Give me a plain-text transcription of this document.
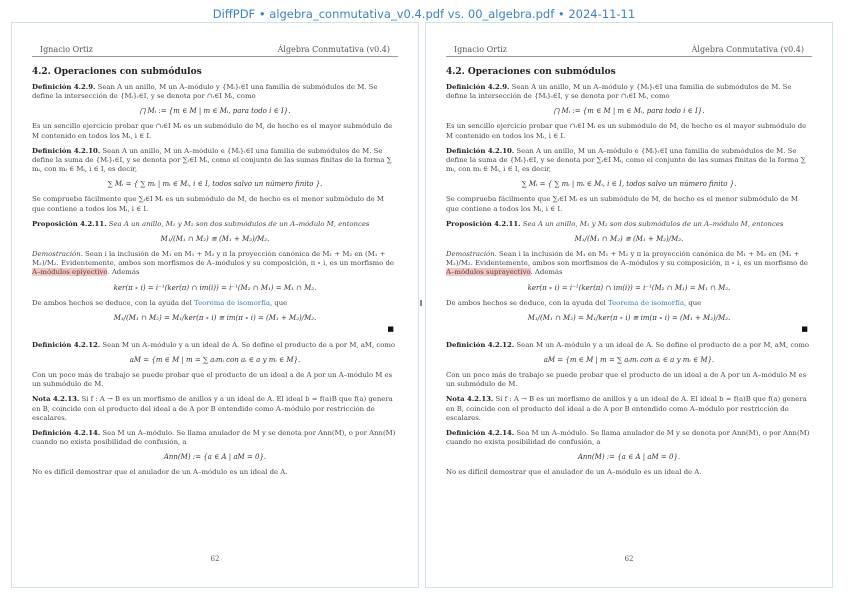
DiffPDF • algebra_conmutativa_v0.4.pdf vs. 00_algebra.pdf • 2024-11-11
Ignacio Ortiz	Álgebra Conmutativa (v0.4)
4.2. Operaciones con submódulos
Definición 4.2.9. Sean A un anillo, M un A–módulo y {Mᵢ}ᵢ∈I una familia de submódulos de M. Se define la intersección de {Mᵢ}ᵢ∈I, y se denota por ∩ᵢ∈I Mᵢ, como
⋂ Mᵢ := {m ∈ M | m ∈ Mᵢ, para todo i ∈ I}.
Es un sencillo ejercicio probar que ∩ᵢ∈I Mᵢ es un submódulo de M, de hecho es el mayor submódulo de M contenido en todos los Mᵢ, i ∈ I.
Definición 4.2.10. Sean A un anillo, M un A–módulo e {Mᵢ}ᵢ∈I una familia de submódulos de M. Se define la suma de {Mᵢ}ᵢ∈I, y se denota por ∑ᵢ∈I Mᵢ, como el conjunto de las sumas finitas de la forma ∑ mᵢ, con mᵢ ∈ Mᵢ, i ∈ I, es decir,
∑ Mᵢ = { ∑ mᵢ | mᵢ ∈ Mᵢ, i ∈ I, todos salvo un número finito }.
Se comprueba fácilmente que ∑ᵢ∈I Mᵢ es un submódulo de M, de hecho es el menor submódulo de M que contiene a todos los Mᵢ, i ∈ I.
Proposición 4.2.11. Sea A un anillo, M₁ y M₂ son dos submódulos de un A–módulo M, entonces
M₁/(M₁ ∩ M₂) ≅ (M₁ + M₂)/M₂.
Demostración. Sean i la inclusión de M₁ en M₁ + M₂ y π la proyección canónica de M₁ + M₂ en (M₁ + M₂)/M₂. Evidentemente, ambos son morfismos de A–módulos y su composición, π ∘ i, es un morfismo de A–módulos epiyectivo. Además
ker(π ∘ i) = i⁻¹(ker(π) ∩ im(i)) = i⁻¹(M₂ ∩ M₁) = M₁ ∩ M₂.
De ambos hechos se deduce, con la ayuda del Teorema de isomorfía, que
M₁/(M₁ ∩ M₂) = M₁/ker(π ∘ i) ≅ im(π ∘ i) = (M₁ + M₂)/M₂.
■
Definición 4.2.12. Sean M un A–módulo y a un ideal de A. Se define el producto de a por M, aM, como
aM = {m ∈ M | m = ∑ aᵢmᵢ con aᵢ ∈ a y mᵢ ∈ M}.
Con un poco más de trabajo se puede probar que el producto de un ideal a de A por un A–módulo M es un submódulo de M.
Nota 4.2.13. Si f : A → B es un morfismo de anillos y a un ideal de A. El ideal b = f(a)B que f(a) genera en B, coincide con el producto del ideal a de A por B entendido como A–módulo por restricción de escalares.
Definición 4.2.14. Sea M un A–módulo. Se llama anulador de M y se denota por Ann(M), o por Ann(M) cuando no exista posibilidad de confusión, a
Ann(M) := {a ∈ A | aM = 0}.
No es difícil demostrar que el anulador de un A–módulo es un ideal de A.
62
Ignacio Ortiz	Álgebra Conmutativa (v0.4)
4.2. Operaciones con submódulos
Definición 4.2.9. Sean A un anillo, M un A–módulo y {Mᵢ}ᵢ∈I una familia de submódulos de M. Se define la intersección de {Mᵢ}ᵢ∈I, y se denota por ∩ᵢ∈I Mᵢ, como
⋂ Mᵢ := {m ∈ M | m ∈ Mᵢ, para todo i ∈ I}.
Es un sencillo ejercicio probar que ∩ᵢ∈I Mᵢ es un submódulo de M, de hecho es el mayor submódulo de M contenido en todos los Mᵢ, i ∈ I.
Definición 4.2.10. Sean A un anillo, M un A–módulo e {Mᵢ}ᵢ∈I una familia de submódulos de M. Se define la suma de {Mᵢ}ᵢ∈I, y se denota por ∑ᵢ∈I Mᵢ, como el conjunto de las sumas finitas de la forma ∑ mᵢ, con mᵢ ∈ Mᵢ, i ∈ I, es decir,
∑ Mᵢ = { ∑ mᵢ | mᵢ ∈ Mᵢ, i ∈ I, todos salvo un número finito }.
Se comprueba fácilmente que ∑ᵢ∈I Mᵢ es un submódulo de M, de hecho es el menor submódulo de M que contiene a todos los Mᵢ, i ∈ I.
Proposición 4.2.11. Sea A un anillo, M₁ y M₂ son dos submódulos de un A–módulo M, entonces
M₁/(M₁ ∩ M₂) ≅ (M₁ + M₂)/M₂.
Demostración. Sean i la inclusión de M₁ en M₁ + M₂ y π la proyección canónica de M₁ + M₂ en (M₁ + M₂)/M₂. Evidentemente, ambos son morfismos de A–módulos y su composición, π ∘ i, es un morfismo de A–módulos suprayectivo. Además
ker(π ∘ i) = i⁻¹(ker(π) ∩ im(i)) = i⁻¹(M₂ ∩ M₁) = M₁ ∩ M₂.
De ambos hechos se deduce, con la ayuda del Teorema de isomorfía, que
M₁/(M₁ ∩ M₂) = M₁/ker(π ∘ i) ≅ im(π ∘ i) = (M₁ + M₂)/M₂.
■
Definición 4.2.12. Sean M un A–módulo y a un ideal de A. Se define el producto de a por M, aM, como
aM = {m ∈ M | m = ∑ aᵢmᵢ con aᵢ ∈ a y mᵢ ∈ M}.
Con un poco más de trabajo se puede probar que el producto de un ideal a de A por un A–módulo M es un submódulo de M.
Nota 4.2.13. Si f : A → B es un morfismo de anillos y a un ideal de A. El ideal b = f(a)B que f(a) genera en B, coincide con el producto del ideal a de A por B entendido como A–módulo por restricción de escalares.
Definición 4.2.14. Sea M un A–módulo. Se llama anulador de M y se denota por Ann(M), o por Ann(M) cuando no exista posibilidad de confusión, a
Ann(M) := {a ∈ A | aM = 0}.
No es difícil demostrar que el anulador de un A–módulo es un ideal de A.
62
